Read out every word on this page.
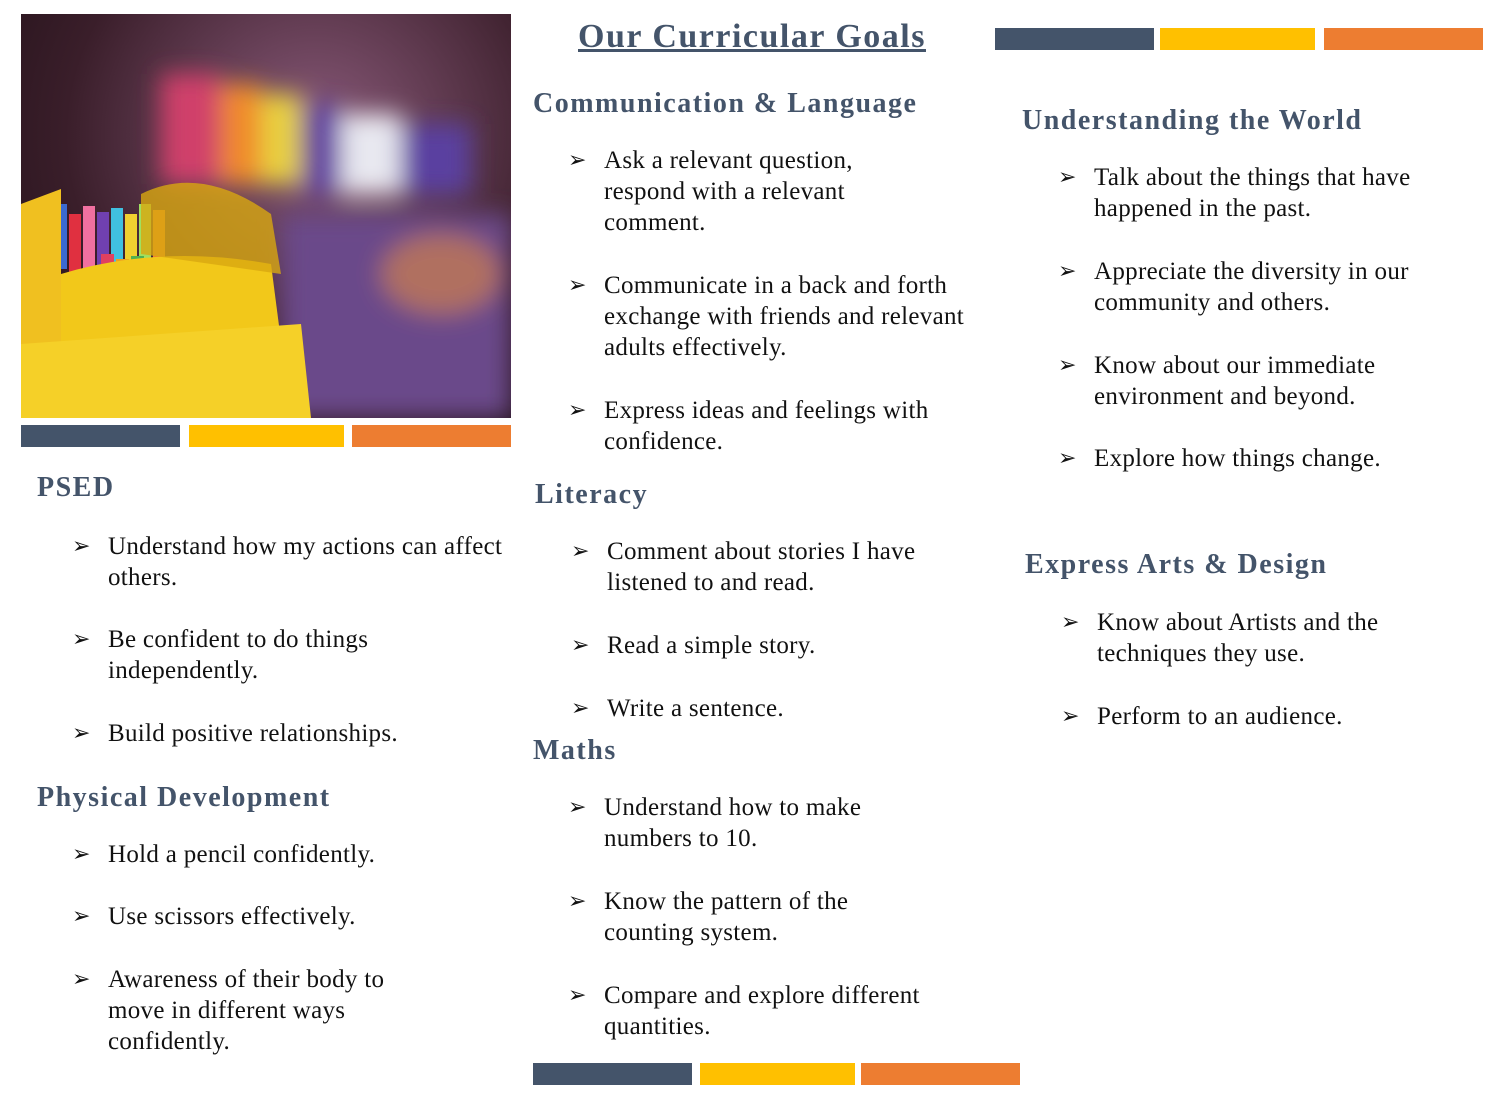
Our Curricular Goals
PSED
➢ Understand how my actions can affect others.
➢ Be confident to do things independently.
➢ Build positive relationships.
Physical Development
➢ Hold a pencil confidently.
➢ Use scissors effectively.
➢ Awareness of their body to move in different ways confidently.
Communication & Language
➢ Ask a relevant question, respond with a relevant comment.
➢ Communicate in a back and forth exchange with friends and relevant adults effectively.
➢ Express ideas and feelings with confidence.
Literacy
➢ Comment about stories I have listened to and read.
➢ Read a simple story.
➢ Write a sentence.
Maths
➢ Understand how to make numbers to 10.
➢ Know the pattern of the counting system.
➢ Compare and explore different quantities.
Understanding the World
➢ Talk about the things that have happened in the past.
➢ Appreciate the diversity in our community and others.
➢ Know about our immediate environment and beyond.
➢ Explore how things change.
Express Arts & Design
➢ Know about Artists and the techniques they use.
➢ Perform to an audience.
